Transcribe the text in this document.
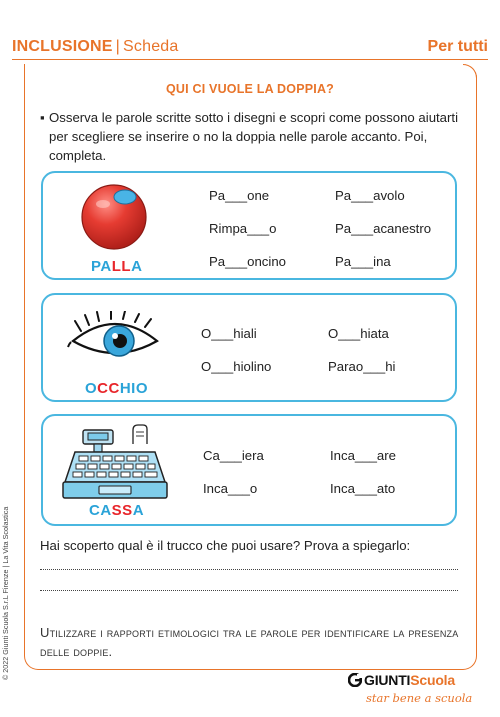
INCLUSIONE | Scheda	Per tutti
QUI CI VUOLE LA DOPPIA?
▪ Osserva le parole scritte sotto i disegni e scopri come possono aiutarti per scegliere se inserire o no la doppia nelle parole accanto. Poi, completa.
PALLA
Pa___one	Pa___avolo
Rimpa___o	Pa___acanestro
Pa___oncino	Pa___ina
OCCHIO
O___hiali	O___hiata
O___hiolino	Parao___hi
CASSA
Ca___iera	Inca___are
Inca___o	Inca___ato
Hai scoperto qual è il trucco che puoi usare? Prova a spiegarlo:
Utilizzare i rapporti etimologici tra le parole per identificare la presenza delle doppie.
© 2022 Giunti Scuola S.r.L Firenze | La Vita Scolastica	GIUNTIScuola
star bene a scuola
